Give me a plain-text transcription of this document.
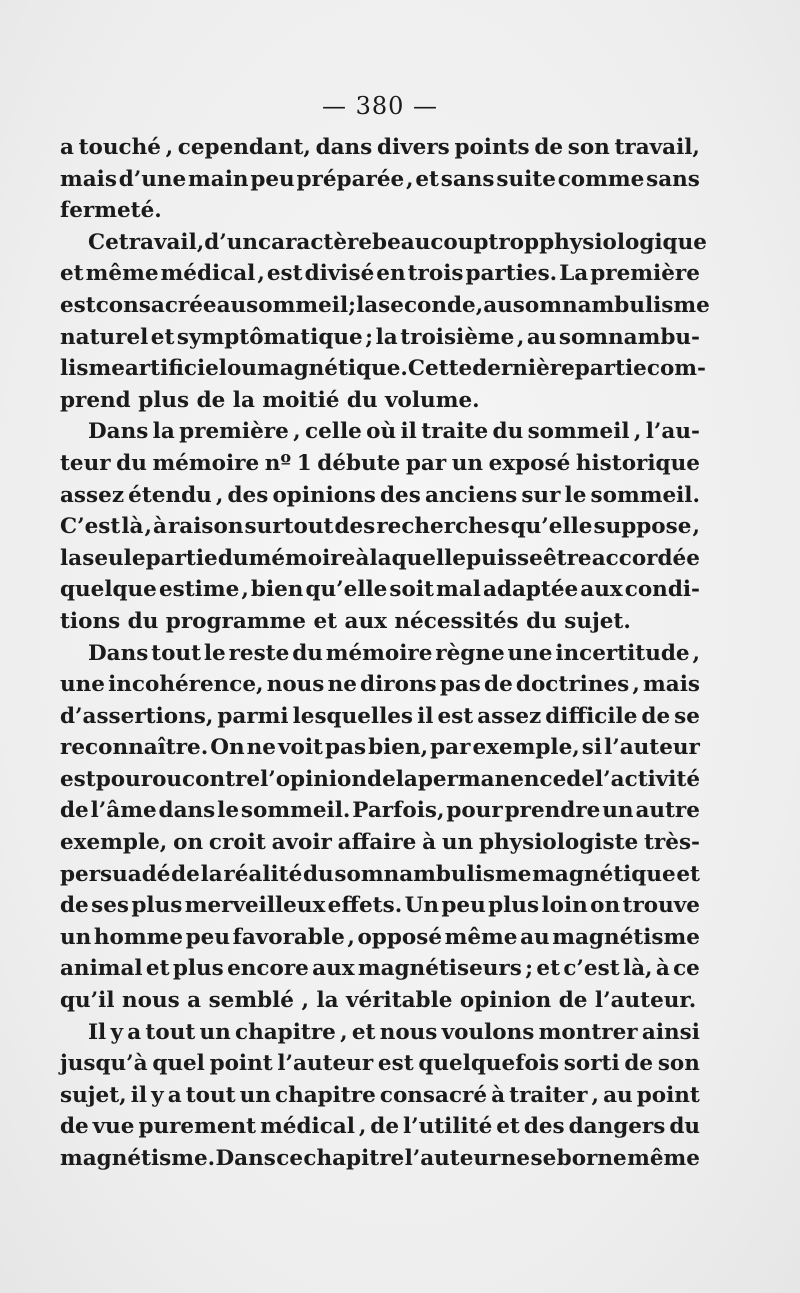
— 380 —
a touché , cependant, dans divers points de son travail,
mais d’une main peu préparée , et sans suite comme sans
fermeté.
Ce travail , d’un caractère beaucoup trop physiologique
et même médical , est divisé en trois parties. La première
est consacrée au sommeil ; la seconde, au somnambulisme
naturel et symptômatique ; la troisième , au somnambu-
lisme artificiel ou magnétique. Cette dernière partie com-
prend plus de la moitié du volume.
Dans la première , celle où il traite du sommeil , l’au-
teur du mémoire nº 1 débute par un exposé historique
assez étendu , des opinions des anciens sur le sommeil.
C’est là , à raison surtout des recherches qu’elle suppose ,
la seule partie du mémoire à laquelle puisse être accordée
quelque estime , bien qu’elle soit mal adaptée aux condi-
tions du programme et aux nécessités du sujet.
Dans tout le reste du mémoire règne une incertitude ,
une incohérence, nous ne dirons pas de doctrines , mais
d’assertions, parmi lesquelles il est assez difficile de se
reconnaître. On ne voit pas bien, par exemple, si l’auteur
est pour ou contre l’opinion de la permanence de l’activité
de l’âme dans le sommeil. Parfois, pour prendre un autre
exemple, on croit avoir affaire à un physiologiste très-
persuadé de la réalité du somnambulisme magnétique et
de ses plus merveilleux effets. Un peu plus loin on trouve
un homme peu favorable , opposé même au magnétisme
animal et plus encore aux magnétiseurs ; et c’est là, à ce
qu’il nous a semblé , la véritable opinion de l’auteur.
Il y a tout un chapitre , et nous voulons montrer ainsi
jusqu’à quel point l’auteur est quelquefois sorti de son
sujet, il y a tout un chapitre consacré à traiter , au point
de vue purement médical , de l’utilité et des dangers du
magnétisme. Dans ce chapitre l’auteur ne se borne même
